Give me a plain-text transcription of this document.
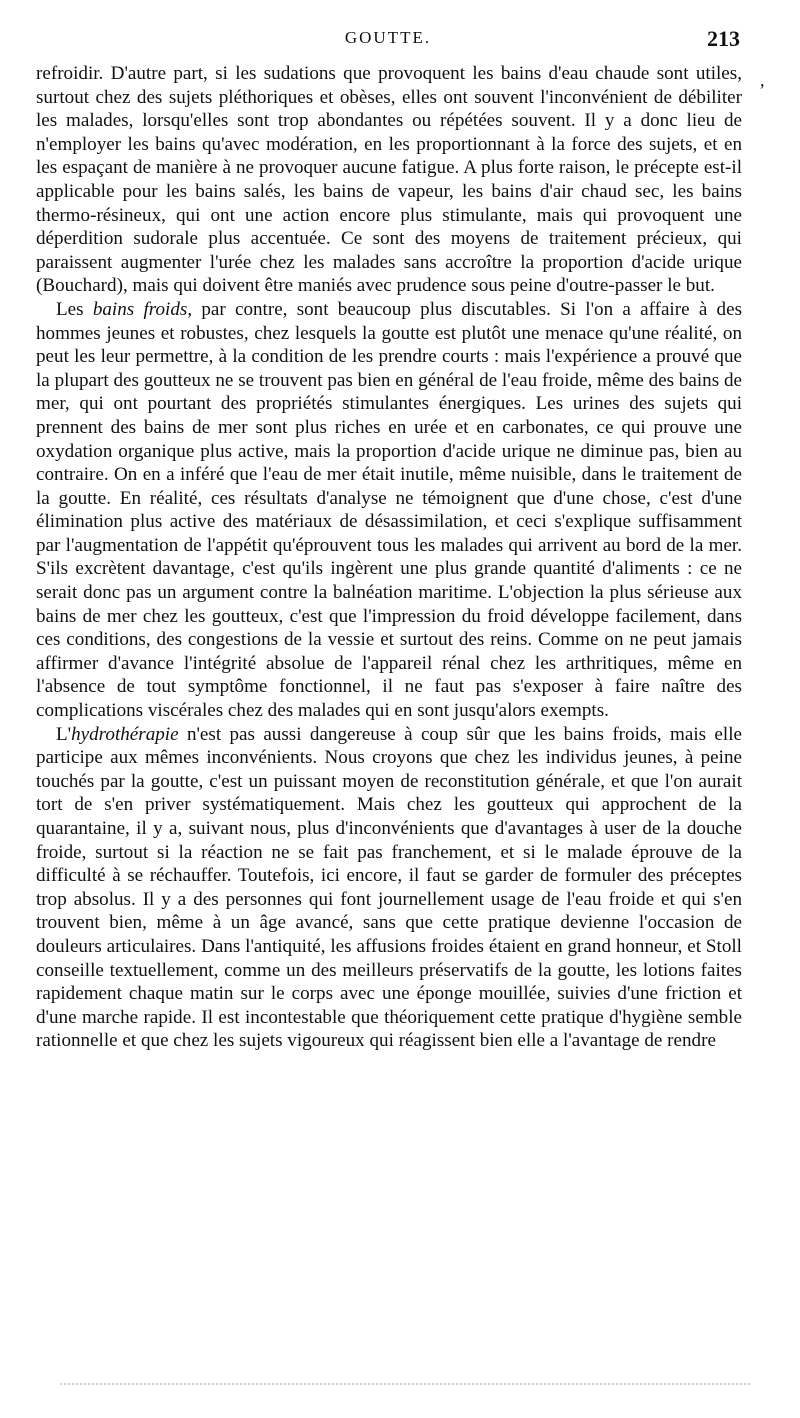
GOUTTE.	213
,

refroidir. D'autre part, si les sudations que provoquent les bains d'eau chaude sont utiles, surtout chez des sujets pléthoriques et obèses, elles ont souvent l'inconvénient de débiliter les malades, lorsqu'elles sont trop abondantes ou répétées souvent. Il y a donc lieu de n'employer les bains qu'avec modération, en les proportionnant à la force des sujets, et en les espaçant de manière à ne provoquer aucune fatigue. A plus forte raison, le précepte est-il applicable pour les bains salés, les bains de vapeur, les bains d'air chaud sec, les bains thermo-résineux, qui ont une action encore plus stimulante, mais qui provoquent une déperdition sudorale plus accentuée. Ce sont des moyens de traitement précieux, qui paraissent augmenter l'urée chez les malades sans accroître la proportion d'acide urique (Bouchard), mais qui doivent être maniés avec prudence sous peine d'outre-passer le but.

Les bains froids, par contre, sont beaucoup plus discutables. Si l'on a affaire à des hommes jeunes et robustes, chez lesquels la goutte est plutôt une menace qu'une réalité, on peut les leur permettre, à la condition de les prendre courts : mais l'expérience a prouvé que la plupart des goutteux ne se trouvent pas bien en général de l'eau froide, même des bains de mer, qui ont pourtant des propriétés stimulantes énergiques. Les urines des sujets qui prennent des bains de mer sont plus riches en urée et en carbonates, ce qui prouve une oxydation organique plus active, mais la proportion d'acide urique ne diminue pas, bien au contraire. On en a inféré que l'eau de mer était inutile, même nuisible, dans le traitement de la goutte. En réalité, ces résultats d'analyse ne témoignent que d'une chose, c'est d'une élimination plus active des matériaux de désassimilation, et ceci s'explique suffisamment par l'augmentation de l'appétit qu'éprouvent tous les malades qui arrivent au bord de la mer. S'ils excrètent davantage, c'est qu'ils ingèrent une plus grande quantité d'aliments : ce ne serait donc pas un argument contre la balnéation maritime. L'objection la plus sérieuse aux bains de mer chez les goutteux, c'est que l'impression du froid développe facilement, dans ces conditions, des congestions de la vessie et surtout des reins. Comme on ne peut jamais affirmer d'avance l'intégrité absolue de l'appareil rénal chez les arthritiques, même en l'absence de tout symptôme fonctionnel, il ne faut pas s'exposer à faire naître des complications viscérales chez des malades qui en sont jusqu'alors exempts.

L'hydrothérapie n'est pas aussi dangereuse à coup sûr que les bains froids, mais elle participe aux mêmes inconvénients. Nous croyons que chez les individus jeunes, à peine touchés par la goutte, c'est un puissant moyen de reconstitution générale, et que l'on aurait tort de s'en priver systématiquement. Mais chez les goutteux qui approchent de la quarantaine, il y a, suivant nous, plus d'inconvénients que d'avantages à user de la douche froide, surtout si la réaction ne se fait pas franchement, et si le malade éprouve de la difficulté à se réchauffer. Toutefois, ici encore, il faut se garder de formuler des préceptes trop absolus. Il y a des personnes qui font journellement usage de l'eau froide et qui s'en trouvent bien, même à un âge avancé, sans que cette pratique devienne l'occasion de douleurs articulaires. Dans l'antiquité, les affusions froides étaient en grand honneur, et Stoll conseille textuellement, comme un des meilleurs préservatifs de la goutte, les lotions faites rapidement chaque matin sur le corps avec une éponge mouillée, suivies d'une friction et d'une marche rapide. Il est incontestable que théoriquement cette pratique d'hygiène semble rationnelle et que chez les sujets vigoureux qui réagissent bien elle a l'avantage de rendre
